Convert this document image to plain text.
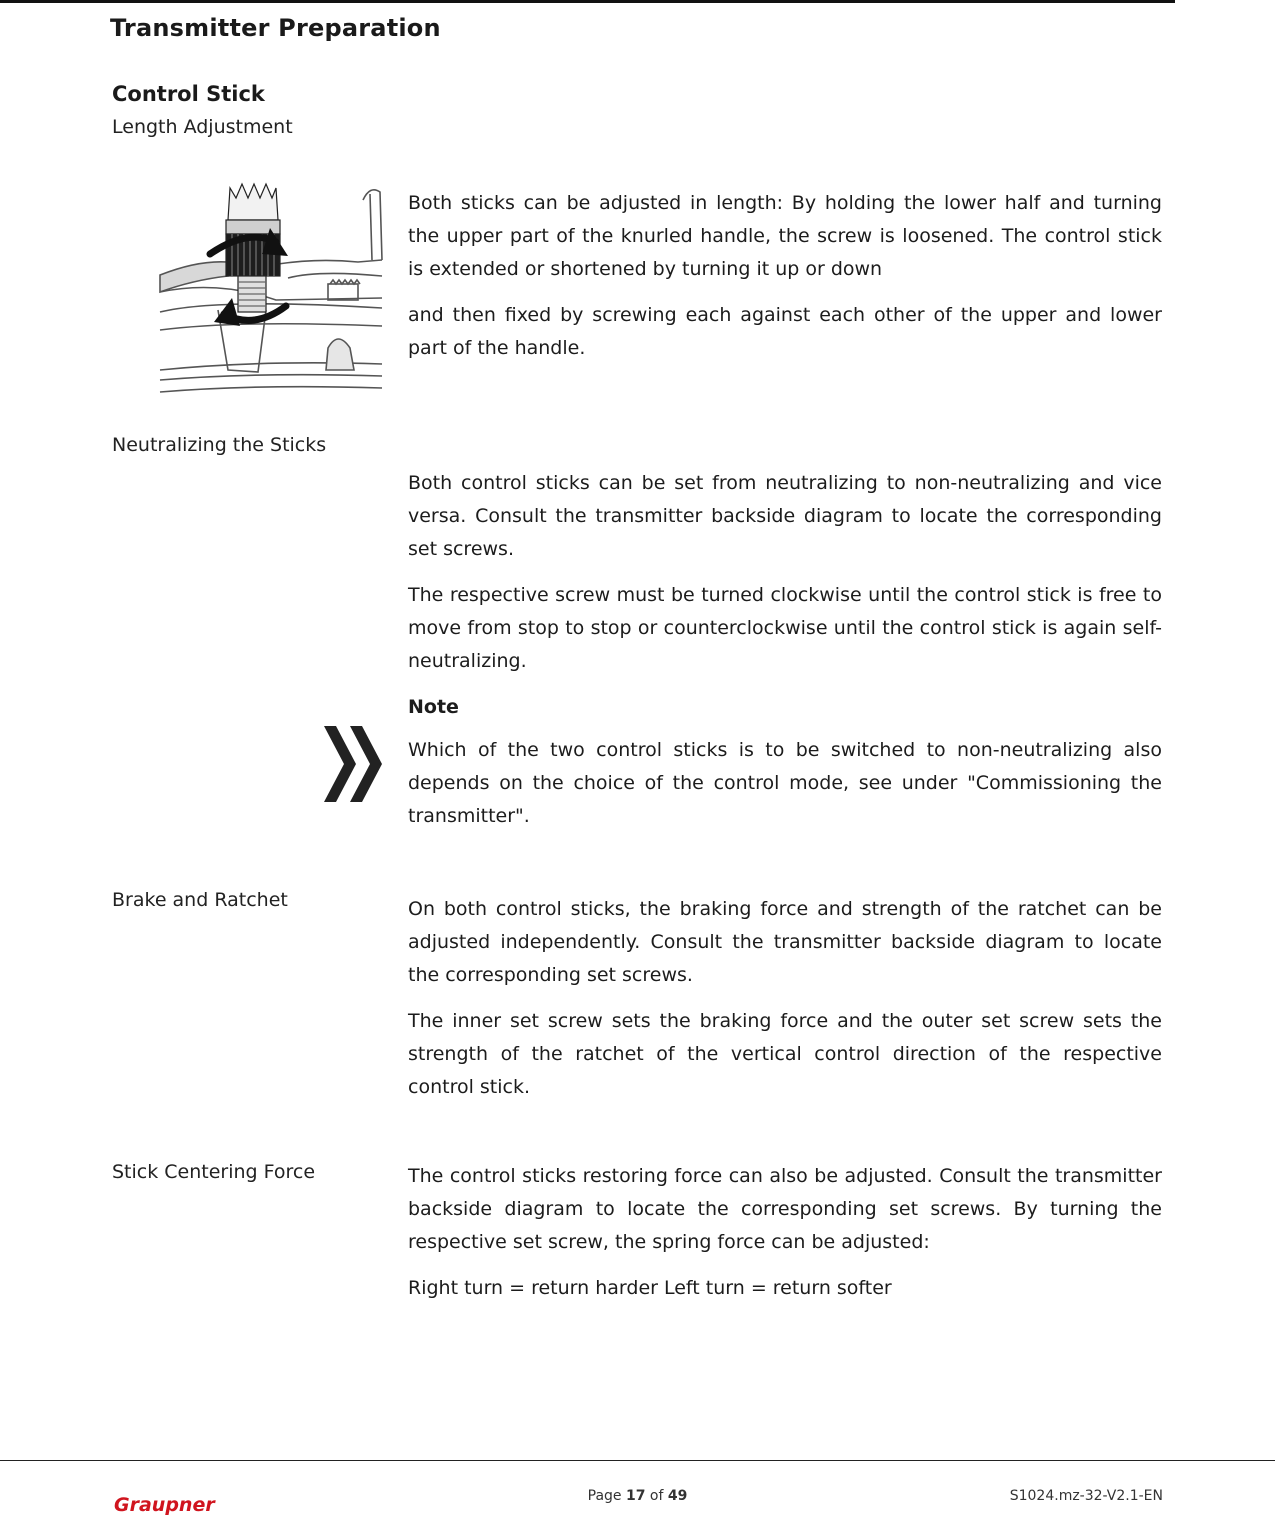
Transmitter Preparation
Control Stick
Length Adjustment

Both sticks can be adjusted in length: By holding the lower half and turning the upper part of the knurled handle, the screw is loosened. The control stick is extended or shortened by turning it up or down

and then fixed by screwing each against each other of the upper and lower part of the handle.

Neutralizing the Sticks

Both control sticks can be set from neutralizing to non-neutralizing and vice versa. Consult the transmitter backside diagram to locate the corresponding set screws.

The respective screw must be turned clockwise until the control stick is free to move from stop to stop or counterclockwise until the control stick is again self-neutralizing.

Note

Which of the two control sticks is to be switched to non-neutralizing also depends on the choice of the control mode, see under "Commissioning the transmitter".

Brake and Ratchet	On both control sticks, the braking force and strength of the ratchet can be adjusted independently. Consult the transmitter backside diagram to locate the corresponding set screws.

The inner set screw sets the braking force and the outer set screw sets the strength of the ratchet of the vertical control direction of the respective control stick.

Stick Centering Force	The control sticks restoring force can also be adjusted. Consult the transmitter backside diagram to locate the corresponding set screws. By turning the respective set screw, the spring force can be adjusted:

Right turn = return harder Left turn = return softer

Graupner	Page 17 of 49	S1024.mz-32-V2.1-EN
